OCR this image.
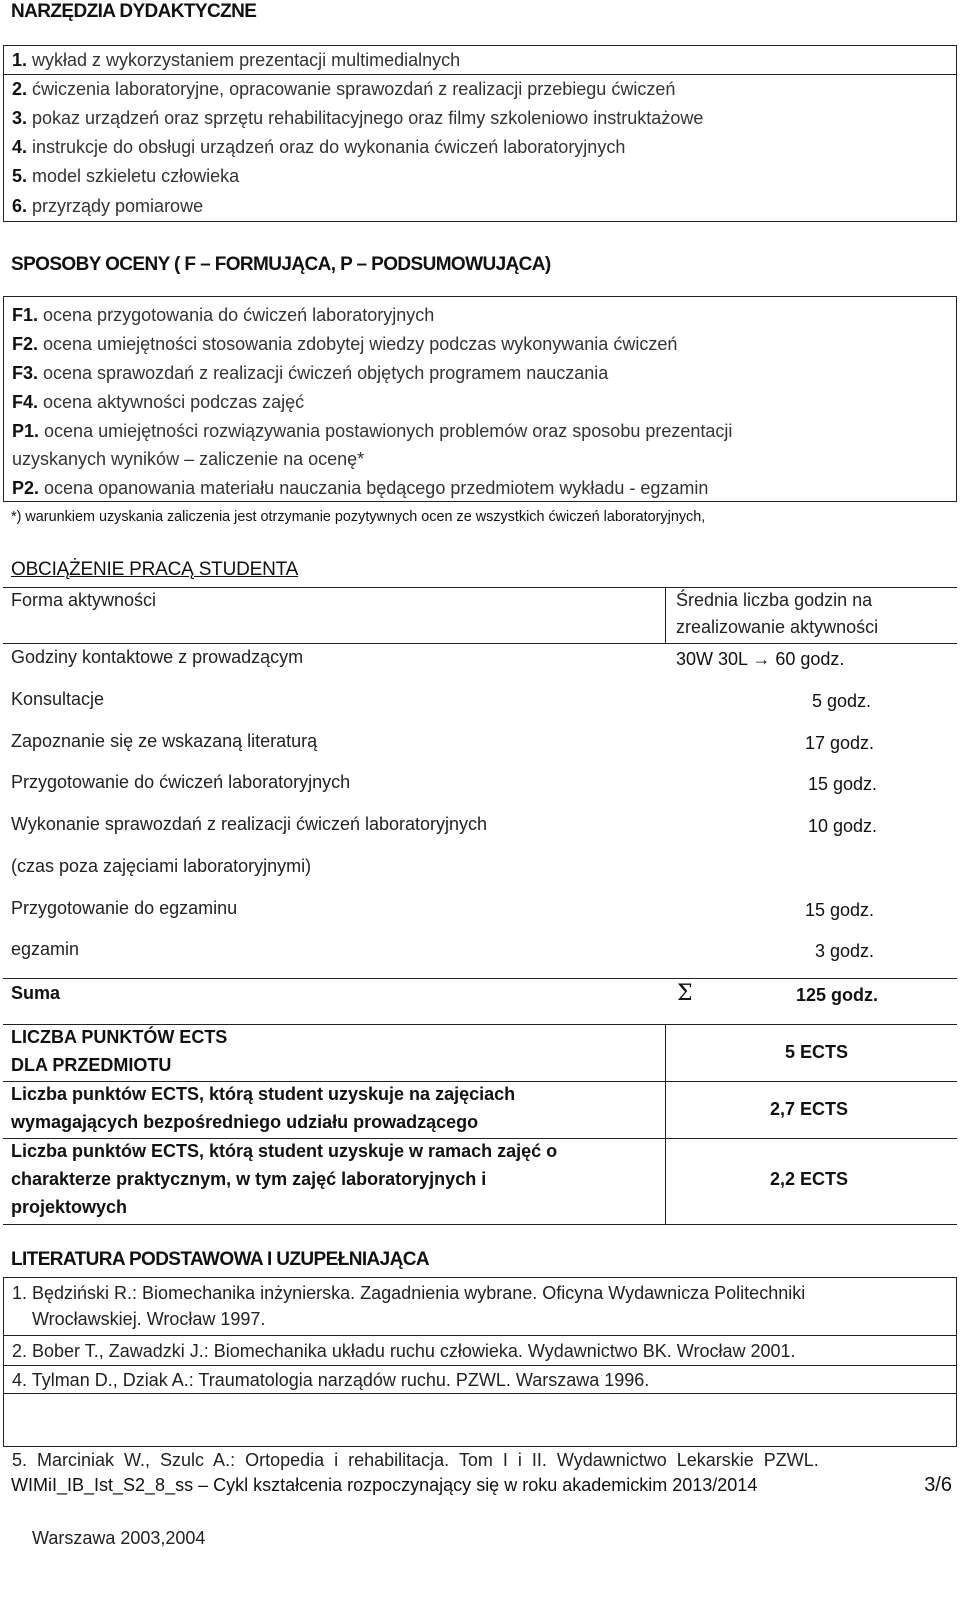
NARZĘDZIA DYDAKTYCZNE
1. wykład z wykorzystaniem prezentacji multimedialnych
2. ćwiczenia laboratoryjne, opracowanie sprawozdań z realizacji przebiegu ćwiczeń
3. pokaz urządzeń oraz sprzętu rehabilitacyjnego oraz filmy szkoleniowo instruktażowe
4. instrukcje do obsługi urządzeń oraz do wykonania ćwiczeń laboratoryjnych
5. model szkieletu człowieka
6. przyrządy pomiarowe
SPOSOBY OCENY ( F – FORMUJĄCA, P – PODSUMOWUJĄCA)
F1. ocena przygotowania do ćwiczeń laboratoryjnych
F2. ocena umiejętności stosowania zdobytej wiedzy podczas wykonywania ćwiczeń
F3. ocena sprawozdań z realizacji ćwiczeń objętych programem nauczania
F4. ocena aktywności podczas zajęć
P1. ocena umiejętności rozwiązywania postawionych problemów oraz sposobu prezentacji
uzyskanych wyników – zaliczenie na ocenę*
P2. ocena opanowania materiału nauczania będącego przedmiotem wykładu - egzamin
*) warunkiem uzyskania zaliczenia jest otrzymanie pozytywnych ocen ze wszystkich ćwiczeń laboratoryjnych,
OBCIĄŻENIE PRACĄ STUDENTA
Forma aktywności	Średnia liczba godzin na
zrealizowanie aktywności
Godziny kontaktowe z prowadzącym	30W 30L → 60 godz.
Konsultacje	5 godz.
Zapoznanie się ze wskazaną literaturą	17 godz.
Przygotowanie do ćwiczeń laboratoryjnych	15 godz.
Wykonanie sprawozdań z realizacji ćwiczeń laboratoryjnych	10 godz.
(czas poza zajęciami laboratoryjnymi)
Przygotowanie do egzaminu	15 godz.
egzamin	3 godz.
Suma	Σ	125 godz.
LICZBA PUNKTÓW ECTS
DLA PRZEDMIOTU
5 ECTS
Liczba punktów ECTS, którą student uzyskuje na zajęciach
wymagających bezpośredniego udziału prowadzącego
2,7 ECTS
Liczba punktów ECTS, którą student uzyskuje w ramach zajęć o
charakterze praktycznym, w tym zajęć laboratoryjnych i
projektowych
2,2 ECTS
LITERATURA PODSTAWOWA I UZUPEŁNIAJĄCA
1. Będziński R.: Biomechanika inżynierska. Zagadnienia wybrane. Oficyna Wydawnicza Politechniki
Wrocławskiej. Wrocław 1997.
2. Bober T., Zawadzki J.: Biomechanika układu ruchu człowieka. Wydawnictwo BK. Wrocław 2001.
4. Tylman D., Dziak A.: Traumatologia narządów ruchu. PZWL. Warszawa 1996.

5.  Marciniak  W.,  Szulc  A.:  Ortopedia  i  rehabilitacja.  Tom  I  i  II.  Wydawnictwo  Lekarskie  PZWL.

Warszawa 2003,2004

WIMiI_IB_Ist_S2_8_ss – Cykl kształcenia rozpoczynający się w roku akademickim 2013/2014	3/6
